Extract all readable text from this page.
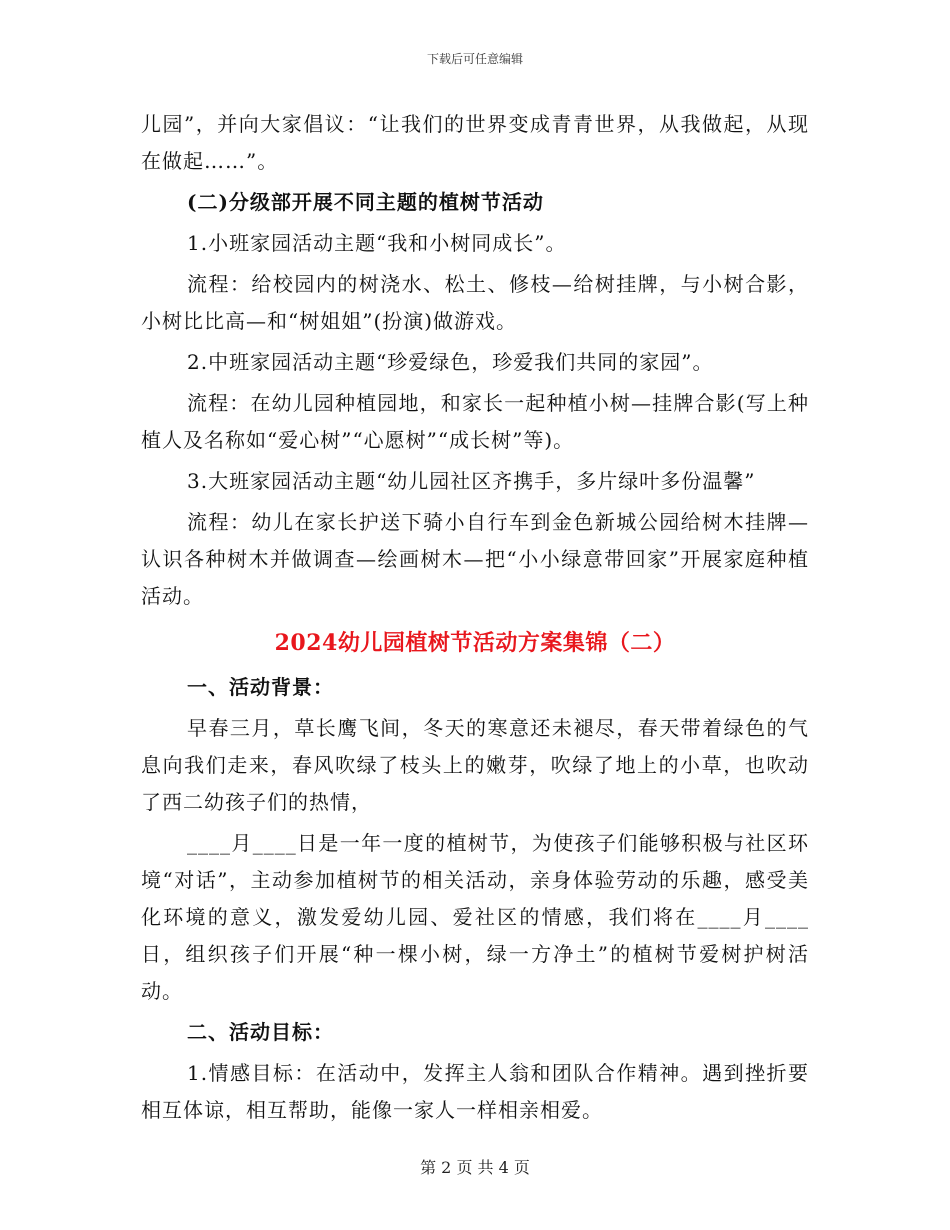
下载后可任意编辑

儿园”，并向大家倡议：“让我们的世界变成青青世界，从我做起，从现在做起……”。

(二)分级部开展不同主题的植树节活动

1.小班家园活动主题“我和小树同成长”。

流程：给校园内的树浇水、松土、修枝—给树挂牌，与小树合影，小树比比高—和“树姐姐”(扮演)做游戏。

2.中班家园活动主题“珍爱绿色，珍爱我们共同的家园”。

流程：在幼儿园种植园地，和家长一起种植小树—挂牌合影(写上种植人及名称如“爱心树”“心愿树”“成长树”等)。

3.大班家园活动主题“幼儿园社区齐携手，多片绿叶多份温馨”

流程：幼儿在家长护送下骑小自行车到金色新城公园给树木挂牌—认识各种树木并做调查—绘画树木—把“小小绿意带回家”开展家庭种植活动。

2024幼儿园植树节活动方案集锦（二）

一、活动背景：

早春三月，草长鹰飞间，冬天的寒意还未褪尽，春天带着绿色的气息向我们走来，春风吹绿了枝头上的嫩芽，吹绿了地上的小草，也吹动了西二幼孩子们的热情，

____月____日是一年一度的植树节，为使孩子们能够积极与社区环境“对话”，主动参加植树节的相关活动，亲身体验劳动的乐趣，感受美化环境的意义，激发爱幼儿园、爱社区的情感，我们将在____月____日，组织孩子们开展“种一棵小树，绿一方净土”的植树节爱树护树活动。

二、活动目标：

1.情感目标：在活动中，发挥主人翁和团队合作精神。遇到挫折要相互体谅，相互帮助，能像一家人一样相亲相爱。

第 2 页 共 4 页
